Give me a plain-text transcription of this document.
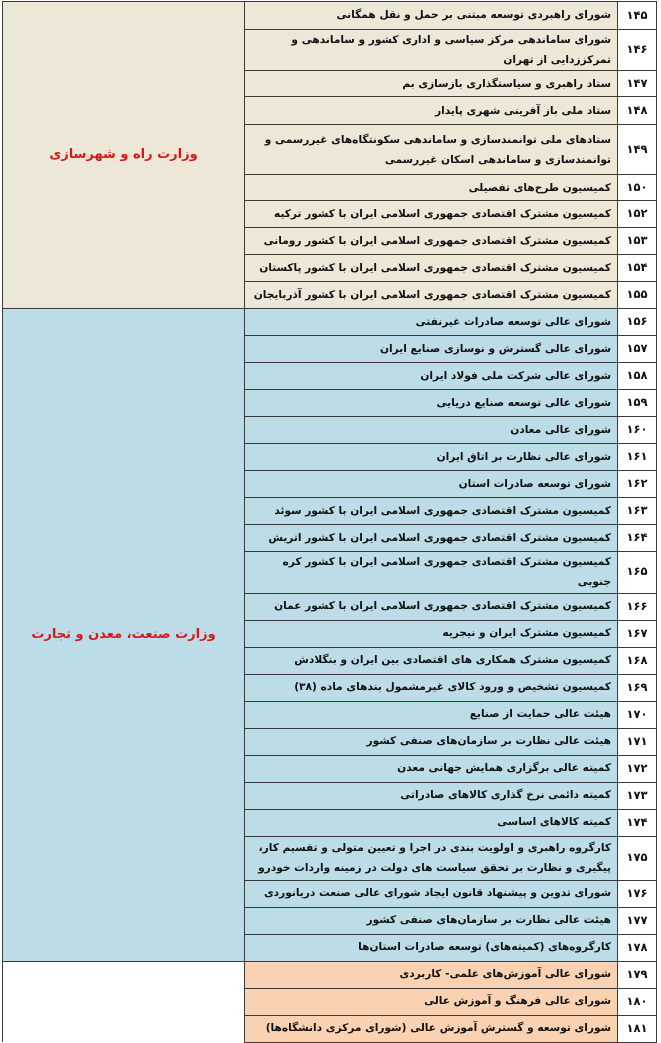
۱۴۵	شورای راهبردی توسعه مبتنی بر حمل و نقل همگانی	وزارت راه و شهرسازی
۱۴۶	شورای ساماندهی مرکز سیاسی و اداری کشور و ساماندهی و تمرکززدایی از تهران	
۱۴۷	ستاد راهبری و سیاستگذاری بازسازی بم	
۱۴۸	ستاد ملی باز آفرینی شهری پایدار	
۱۴۹	ستادهای ملی توانمندسازی و ساماندهی سکونتگاه‌های غیررسمی و توانمندسازی و ساماندهی اسکان غیررسمی	
۱۵۰	کمیسیون طرح‌های تفصیلی	
۱۵۲	کمیسیون مشترک اقتصادی جمهوری اسلامی ایران با کشور ترکیه	
۱۵۳	کمیسیون مشترک اقتصادی جمهوری اسلامی ایران با کشور رومانی	
۱۵۴	کمیسیون مشترک اقتصادی جمهوری اسلامی ایران با کشور پاکستان	
۱۵۵	کمیسیون مشترک اقتصادی جمهوری اسلامی ایران با کشور آذربایجان	
۱۵۶	شورای عالی توسعه صادرات غیرنفتی	وزارت صنعت، معدن و تجارت
۱۵۷	شورای عالی گسترش و نوسازی صنایع ایران	
۱۵۸	شورای عالی شرکت ملی فولاد ایران	
۱۵۹	شورای عالی توسعه صنایع دریایی	
۱۶۰	شورای عالی معادن	
۱۶۱	شورای عالی نظارت بر اتاق ایران	
۱۶۲	شورای توسعه صادرات استان	
۱۶۳	کمیسیون مشترک اقتصادی جمهوری اسلامی ایران با کشور سوئد	
۱۶۴	کمیسیون مشترک اقتصادی جمهوری اسلامی ایران با کشور اتریش	
۱۶۵	کمیسیون مشترک اقتصادی جمهوری اسلامی ایران با کشور کره جنوبی	
۱۶۶	کمیسیون مشترک اقتصادی جمهوری اسلامی ایران با کشور عمان	
۱۶۷	کمیسیون مشترک ایران و نیجریه	
۱۶۸	کمیسیون مشترک همکاری های اقتصادی بین ایران و بنگلادش	
۱۶۹	کمیسیون تشخیص و ورود کالای غیرمشمول بندهای ماده (۳۸)	
۱۷۰	هیئت عالی حمایت از صنایع	
۱۷۱	هیئت عالی نظارت بر سازمان‌های صنفی کشور	
۱۷۲	کمیته عالی برگزاری همایش جهانی معدن	
۱۷۳	کمیته دائمی نرخ گذاری کالاهای صادراتی	
۱۷۴	کمیته کالاهای اساسی	
۱۷۵	کارگروه راهبری و اولویت بندی در اجرا و تعیین متولی و تقسیم کار، پیگیری و نظارت بر تحقق سیاست های دولت در زمینه واردات خودرو	
۱۷۶	شورای تدوین و پیشنهاد قانون ایجاد شورای عالی صنعت دریانوردی	
۱۷۷	هیئت عالی نظارت بر سازمان‌های صنفی کشور	
۱۷۸	کارگروه‌های (کمیته‌های) توسعه صادرات استان‌ها	
۱۷۹	شورای عالی آموزش‌های علمی- کاربردی	
۱۸۰	شورای عالی فرهنگ و آموزش عالی	
۱۸۱	شورای توسعه و گسترش آموزش عالی (شورای مرکزی دانشگاه‌ها)	
